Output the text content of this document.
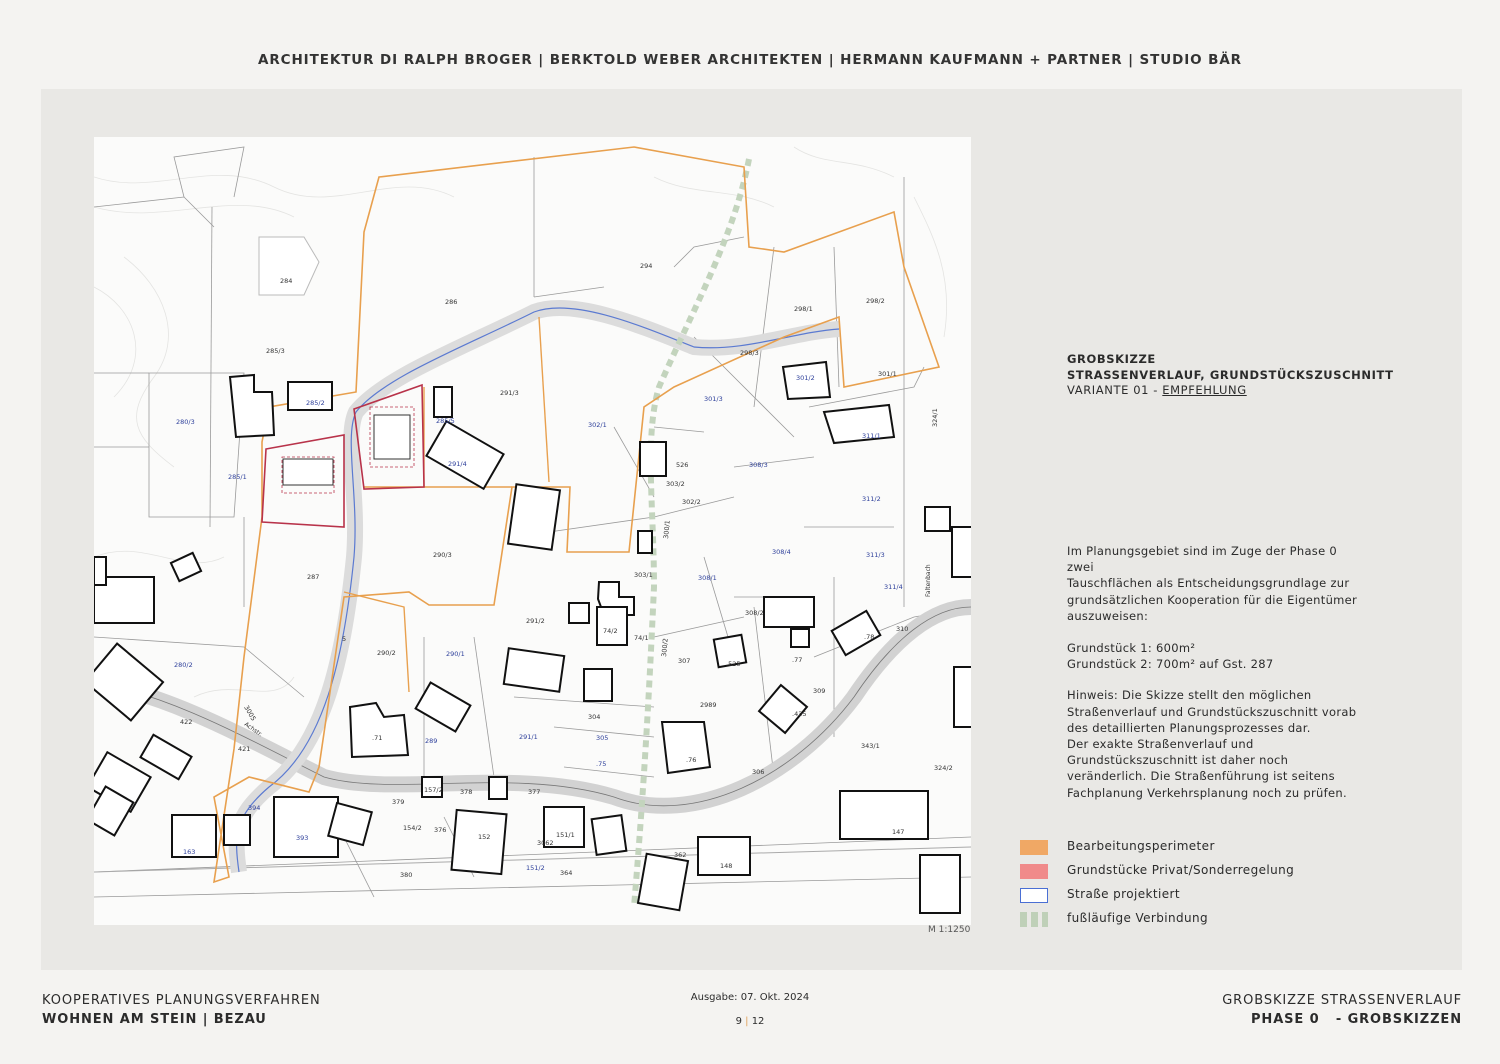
ARCHITEKTUR DI RALPH BROGER | BERKTOLD WEBER ARCHITEKTEN | HERMANN KAUFMANN + PARTNER | STUDIO BÄR
284
286
294
298/1
298/2
285/3
285/2
280/3
285/1
291/3
302/1
301/3
301/2	301/1
311/1
285/5
291/4	308/3
526
303/2
302/2	311/2
290/3
287
308/4	311/3
311/4
303/1	308/1
308/2
291/2
74/2
74/1
290/2	290/1
280/2
422
421
307	.525	.77
.78
309
.435
343/1
304
305
291/1
.75	.76
306	324/2
.71	289
157/2	378
379
376
154/2
152
377
151/1
3062
151/2
364
380
393
394
163	362
148
147
298/3
2989
310
5
300/1
300/2
324/1
3005
Achstr.
Faltenbach
M 1:1250
GROBSKIZZE
STRASSENVERLAUF, GRUNDSTÜCKSZUSCHNITT
VARIANTE 01 - EMPFEHLUNG

Im Planungsgebiet sind im Zuge der Phase 0 zwei

Tauschflächen als Entscheidungsgrundlage zur

grundsätzlichen Kooperation für die Eigentümer

auszuweisen:

Grundstück 1: 600m²

Grundstück 2: 700m² auf Gst. 287

Hinweis: Die Skizze stellt den möglichen

Straßenverlauf und Grundstückszuschnitt vorab

des detaillierten Planungsprozesses dar.

Der exakte Straßenverlauf und

Grundstückszuschnitt ist daher noch

veränderlich. Die Straßenführung ist seitens

Fachplanung Verkehrsplanung noch zu prüfen.

Bearbeitungsperimeter
Grundstücke Privat/Sonderregelung
Straße projektiert
fußläufige Verbindung
KOOPERATIVES PLANUNGSVERFAHREN
WOHNEN AM STEIN | BEZAU
Ausgabe: 07. Okt. 2024
9 | 12
GROBSKIZZE STRASSENVERLAUF
PHASE 0   - GROBSKIZZEN
